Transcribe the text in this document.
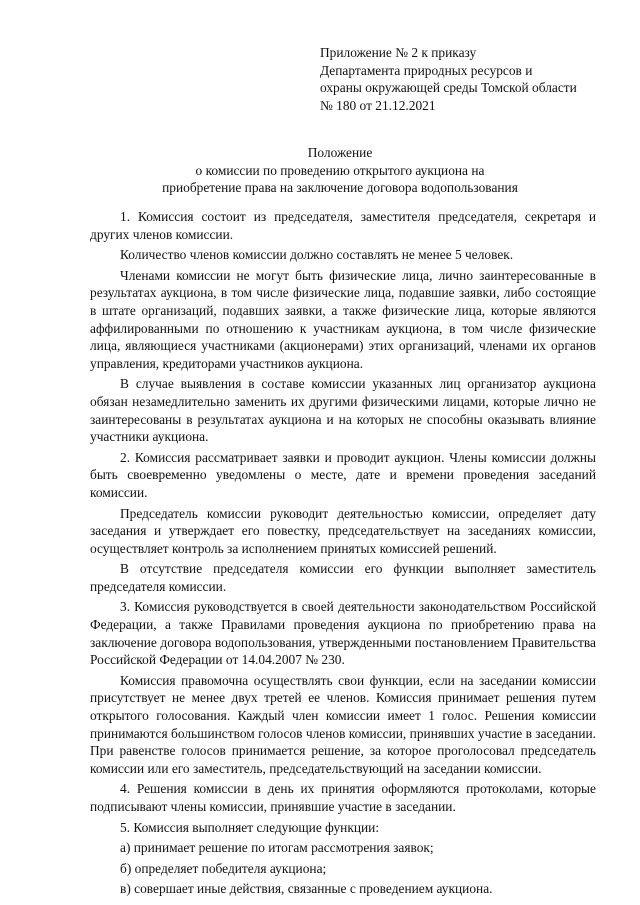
Приложение № 2 к приказу
Департамента природных ресурсов и
охраны окружающей среды Томской области
№ 180 от 21.12.2021
Положение
о комиссии по проведению открытого аукциона на
приобретение права на заключение договора водопользования

1. Комиссия состоит из председателя, заместителя председателя, секретаря и других членов комиссии.

Количество членов комиссии должно составлять не менее 5 человек.

Членами комиссии не могут быть физические лица, лично заинтересованные в результатах аукциона, в том числе физические лица, подавшие заявки, либо состоящие в штате организаций, подавших заявки, а также физические лица, которые являются аффилированными по отношению к участникам аукциона, в том числе физические лица, являющиеся участниками (акционерами) этих организаций, членами их органов управления, кредиторами участников аукциона.

В случае выявления в составе комиссии указанных лиц организатор аукциона обязан незамедлительно заменить их другими физическими лицами, которые лично не заинтересованы в результатах аукциона и на которых не способны оказывать влияние участники аукциона.

2. Комиссия рассматривает заявки и проводит аукцион. Члены комиссии должны быть своевременно уведомлены о месте, дате и времени проведения заседаний комиссии.

Председатель комиссии руководит деятельностью комиссии, определяет дату заседания и утверждает его повестку, председательствует на заседаниях комиссии, осуществляет контроль за исполнением принятых комиссией решений.

В отсутствие председателя комиссии его функции выполняет заместитель председателя комиссии.

3. Комиссия руководствуется в своей деятельности законодательством Российской Федерации, а также Правилами проведения аукциона по приобретению права на заключение договора водопользования, утвержденными постановлением Правительства Российской Федерации от 14.04.2007 № 230.

Комиссия правомочна осуществлять свои функции, если на заседании комиссии присутствует не менее двух третей ее членов. Комиссия принимает решения путем открытого голосования. Каждый член комиссии имеет 1 голос. Решения комиссии принимаются большинством голосов членов комиссии, принявших участие в заседании. При равенстве голосов принимается решение, за которое проголосовал председатель комиссии или его заместитель, председательствующий на заседании комиссии.

4. Решения комиссии в день их принятия оформляются протоколами, которые подписывают члены комиссии, принявшие участие в заседании.

5. Комиссия выполняет следующие функции:

а) принимает решение по итогам рассмотрения заявок;

б) определяет победителя аукциона;

в) совершает иные действия, связанные с проведением аукциона.
